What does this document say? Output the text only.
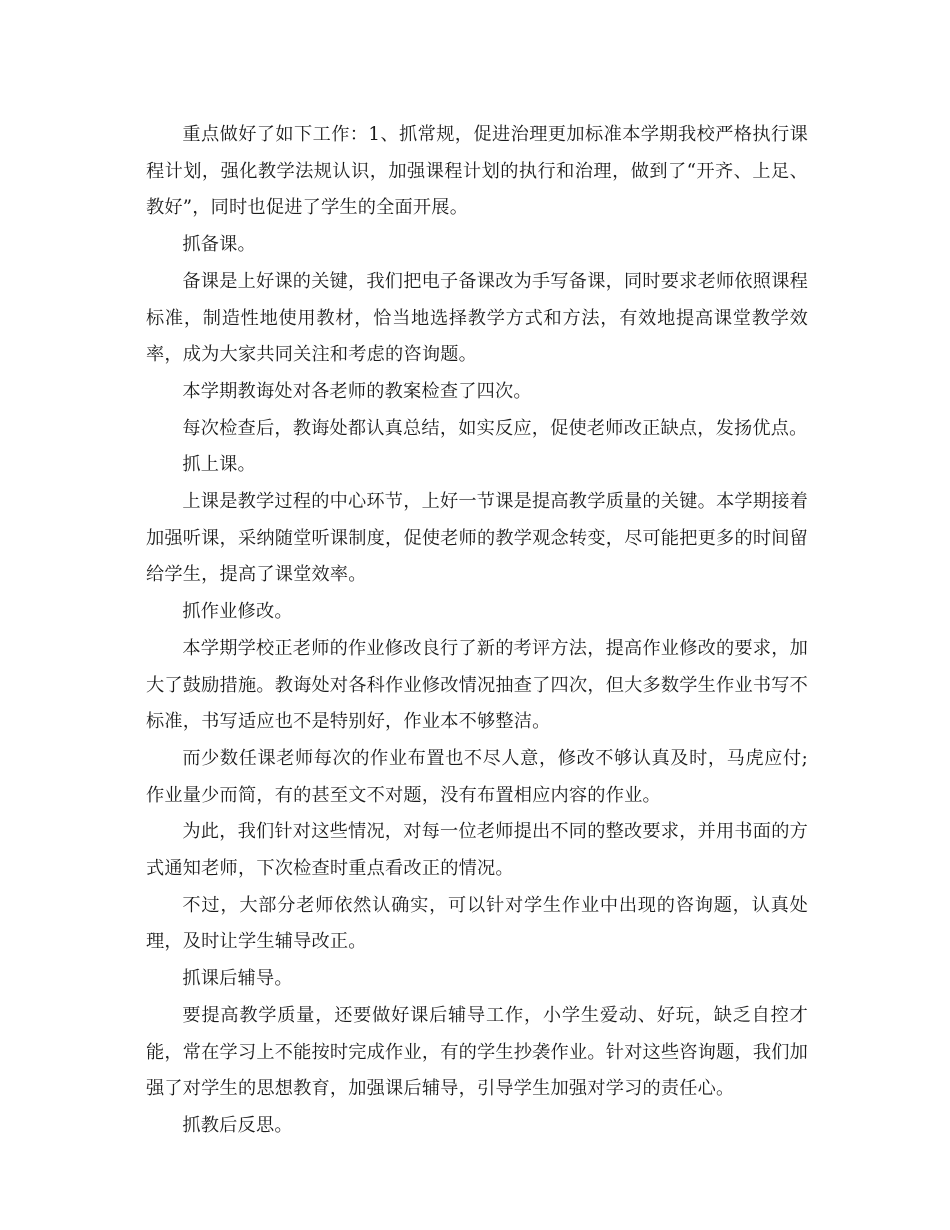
重点做好了如下工作：1、抓常规，促进治理更加标准本学期我校严格执行课程计划，强化教学法规认识，加强课程计划的执行和治理，做到了“开齐、上足、教好”，同时也促进了学生的全面开展。

抓备课。

备课是上好课的关键，我们把电子备课改为手写备课，同时要求老师依照课程标准，制造性地使用教材，恰当地选择教学方式和方法，有效地提高课堂教学效率，成为大家共同关注和考虑的咨询题。

本学期教诲处对各老师的教案检查了四次。

每次检查后，教诲处都认真总结，如实反应，促使老师改正缺点，发扬优点。

抓上课。

上课是教学过程的中心环节，上好一节课是提高教学质量的关键。本学期接着加强听课，采纳随堂听课制度，促使老师的教学观念转变，尽可能把更多的时间留给学生，提高了课堂效率。

抓作业修改。

本学期学校正老师的作业修改良行了新的考评方法，提高作业修改的要求，加大了鼓励措施。教诲处对各科作业修改情况抽查了四次，但大多数学生作业书写不标准，书写适应也不是特别好，作业本不够整洁。

而少数任课老师每次的作业布置也不尽人意，修改不够认真及时，马虎应付;作业量少而简，有的甚至文不对题，没有布置相应内容的作业。

为此，我们针对这些情况，对每一位老师提出不同的整改要求，并用书面的方式通知老师，下次检查时重点看改正的情况。

不过，大部分老师依然认确实，可以针对学生作业中出现的咨询题，认真处理，及时让学生辅导改正。

抓课后辅导。

要提高教学质量，还要做好课后辅导工作，小学生爱动、好玩，缺乏自控才能，常在学习上不能按时完成作业，有的学生抄袭作业。针对这些咨询题，我们加强了对学生的思想教育，加强课后辅导，引导学生加强对学习的责任心。

抓教后反思。
